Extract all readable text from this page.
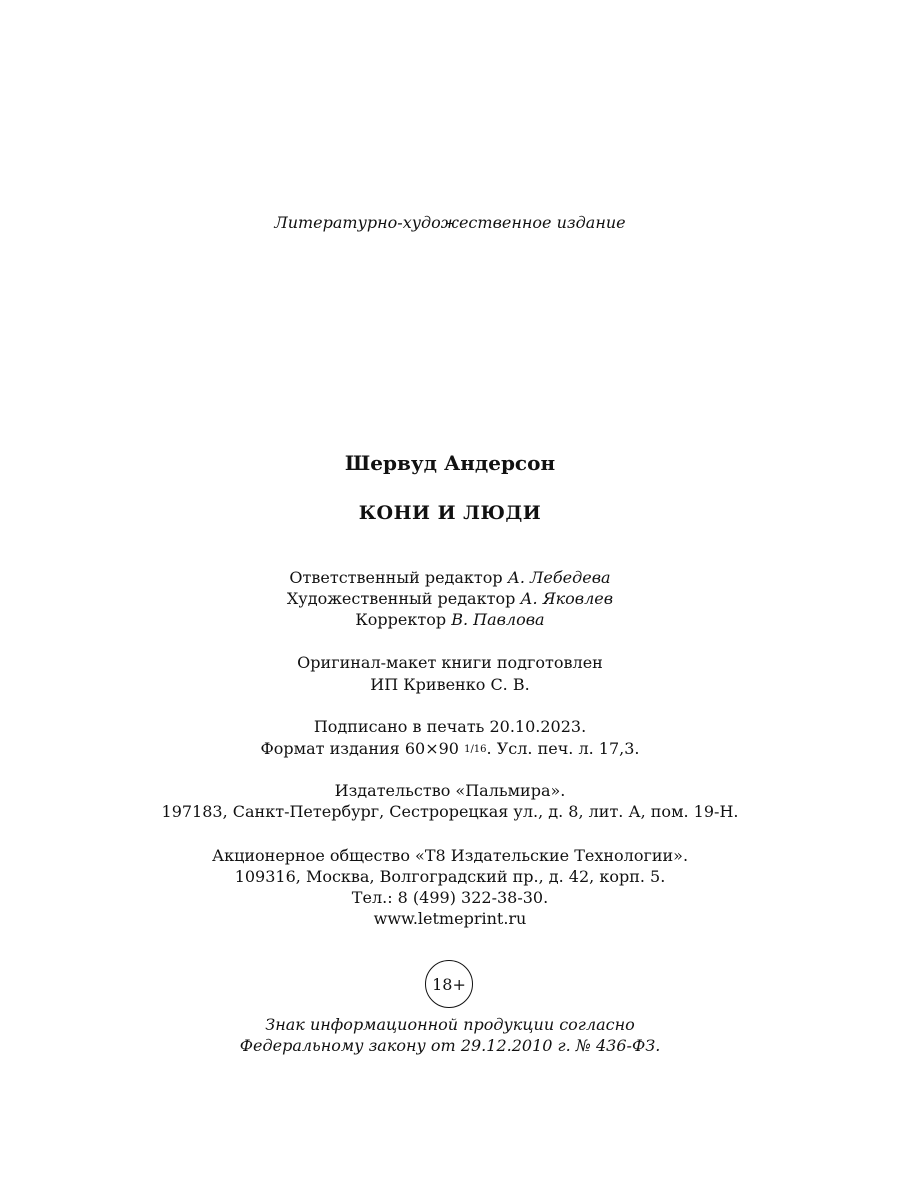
Литературно-художественное издание
Шервуд Андерсон
КОНИ И ЛЮДИ
Ответственный редактор А. Лебедева
Художественный редактор А. Яковлев
Корректор В. Павлова
Оригинал-макет книги подготовлен
ИП Кривенко С. В.
Подписано в печать 20.10.2023.
Формат издания 60×90 1/16. Усл. печ. л. 17,3.
Издательство «Пальмира».
197183, Санкт-Петербург, Сестрорецкая ул., д. 8, лит. А, пом. 19-Н.
Акционерное общество «Т8 Издательские Технологии».
109316, Москва, Волгоградский пр., д. 42, корп. 5.
Тел.: 8 (499) 322-38-30.
www.letmeprint.ru
18+
Знак информационной продукции согласно
Федеральному закону от 29.12.2010 г. № 436-ФЗ.
